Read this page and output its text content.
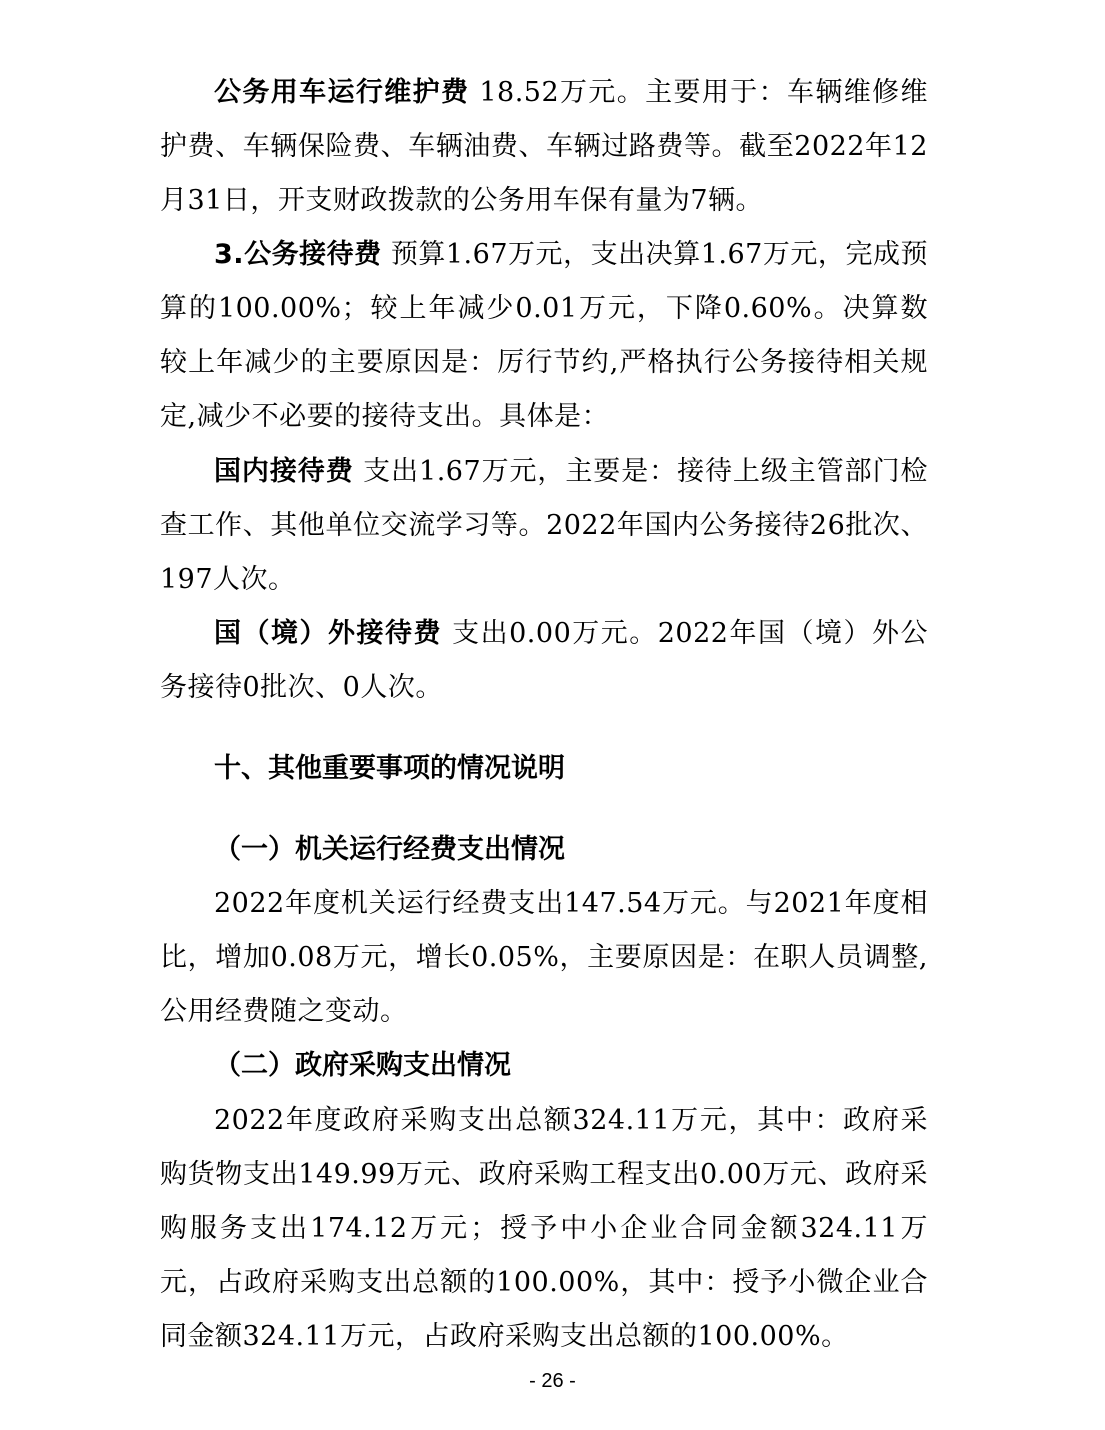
公务用车运行维护费 18.52万元。主要用于：车辆维修维护费、车辆保险费、车辆油费、车辆过路费等。截至2022年12月31日，开支财政拨款的公务用车保有量为7辆。

3.公务接待费 预算1.67万元，支出决算1.67万元，完成预算的100.00%；较上年减少0.01万元，下降0.60%。决算数较上年减少的主要原因是：厉行节约,严格执行公务接待相关规定,减少不必要的接待支出。具体是：

国内接待费 支出1.67万元，主要是：接待上级主管部门检查工作、其他单位交流学习等。2022年国内公务接待26批次、197人次。

国（境）外接待费 支出0.00万元。2022年国（境）外公务接待0批次、0人次。

十、其他重要事项的情况说明
（一）机关运行经费支出情况

2022年度机关运行经费支出147.54万元。与2021年度相比，增加0.08万元，增长0.05%，主要原因是：在职人员调整,公用经费随之变动。

（二）政府采购支出情况

2022年度政府采购支出总额324.11万元，其中：政府采购货物支出149.99万元、政府采购工程支出0.00万元、政府采购服务支出174.12万元；授予中小企业合同金额324.11万元，占政府采购支出总额的100.00%，其中：授予小微企业合同金额324.11万元，占政府采购支出总额的100.00%。

- 26 -
